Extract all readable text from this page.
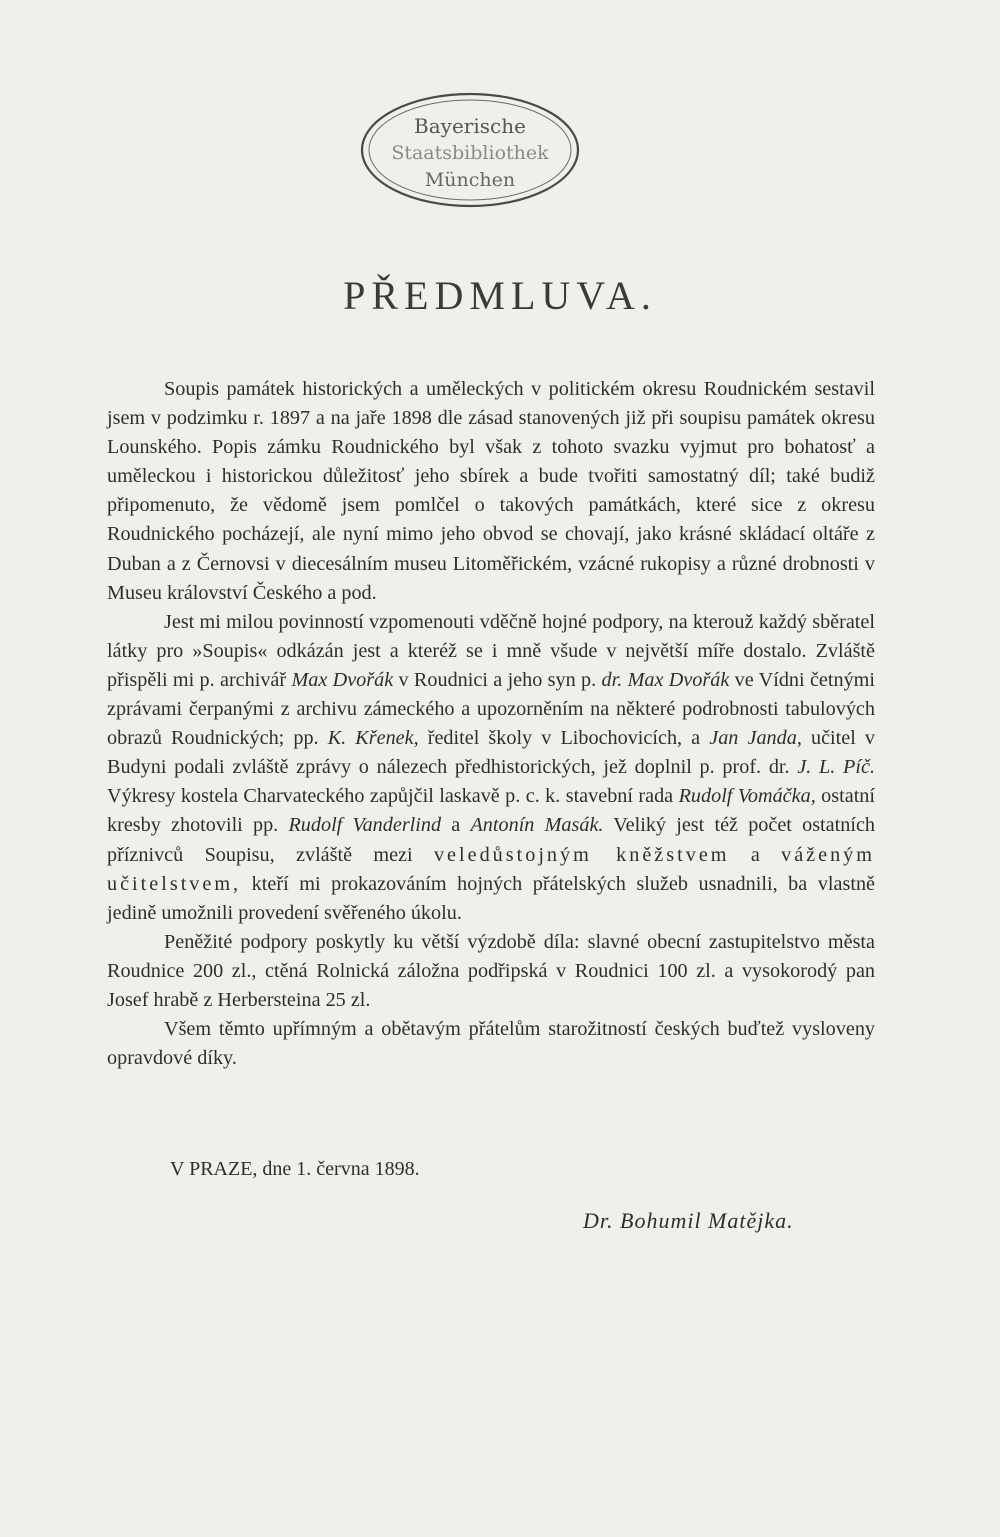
Bayerische
Staatsbibliothek
München
PŘEDMLUVA.

Soupis památek historických a uměleckých v politickém okresu Roudnickém sestavil jsem v podzimku r. 1897 a na jaře 1898 dle zásad stanovených již při soupisu památek okresu Lounského. Popis zámku Roudnického byl však z tohoto svazku vyjmut pro bohatosť a uměleckou i historickou důležitosť jeho sbírek a bude tvořiti samostatný díl; také budiž připomenuto, že vědomě jsem pomlčel o takových památkách, které sice z okresu Roudnického pocházejí, ale nyní mimo jeho obvod se chovají, jako krásné skládací oltáře z Duban a z Černovsi v diecesálním museu Litoměřickém, vzácné rukopisy a různé drobnosti v Museu království Českého a pod.

Jest mi milou povinností vzpomenouti vděčně hojné podpory, na kterouž každý sběratel látky pro »Soupis« odkázán jest a kteréž se i mně všude v největší míře dostalo. Zvláště přispěli mi p. archivář Max Dvořák v Roudnici a jeho syn p. dr. Max Dvořák ve Vídni četnými zprávami čerpanými z archivu zámeckého a upozorněním na některé podrobnosti tabulových obrazů Roudnických; pp. K. Křenek, ředitel školy v Libochovicích, a Jan Janda, učitel v Budyni podali zvláště zprávy o nálezech předhistorických, jež doplnil p. prof. dr. J. L. Píč. Výkresy kostela Charvateckého zapůjčil laskavě p. c. k. stavební rada Rudolf Vomáčka, ostatní kresby zhotovili pp. Rudolf Vanderlind a Antonín Masák. Veliký jest též počet ostatních příznivců Soupisu, zvláště mezi veledůstojným kněžstvem a váženým učitelstvem, kteří mi prokazováním hojných přátelských služeb usnadnili, ba vlastně jedině umožnili provedení svěřeného úkolu.

Peněžité podpory poskytly ku větší výzdobě díla: slavné obecní zastupitelstvo města Roudnice 200 zl., ctěná Rolnická záložna podřipská v Roudnici 100 zl. a vysokorodý pan Josef hrabě z Herbersteina 25 zl.

Všem těmto upřímným a obětavým přátelům starožitností českých buďtež vysloveny opravdové díky.

V PRAZE, dne 1. června 1898.

Dr. Bohumil Matějka.
